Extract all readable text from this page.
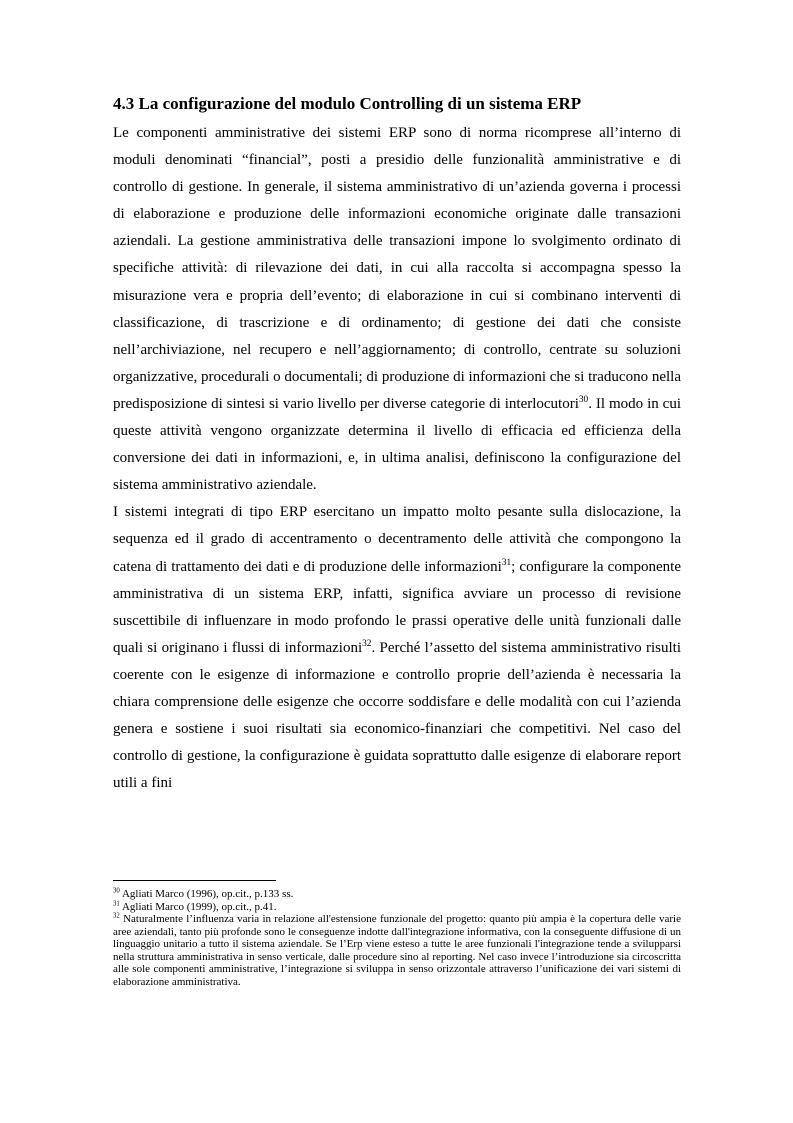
4.3 La configurazione del modulo Controlling di un sistema ERP

Le componenti amministrative dei sistemi ERP sono di norma ricomprese all’interno di moduli denominati “financial”, posti a presidio delle funzionalità amministrative e di controllo di gestione. In generale, il sistema amministrativo di un’azienda governa i processi di elaborazione e produzione delle informazioni economiche originate dalle transazioni aziendali. La gestione amministrativa delle transazioni impone lo svolgimento ordinato di specifiche attività: di rilevazione dei dati, in cui alla raccolta si accompagna spesso la misurazione vera e propria dell’evento; di elaborazione in cui si combinano interventi di classificazione, di trascrizione e di ordinamento; di gestione dei dati che consiste nell’archiviazione, nel recupero e nell’aggiornamento; di controllo, centrate su soluzioni organizzative, procedurali o documentali; di produzione di informazioni che si traducono nella predisposizione di sintesi si vario livello per diverse categorie di interlocutori$^{30}$. Il modo in cui queste attività vengono organizzate determina il livello di efficacia ed efficienza della conversione dei dati in informazioni, e, in ultima analisi, definiscono la configurazione del sistema amministrativo aziendale.

I sistemi integrati di tipo ERP esercitano un impatto molto pesante sulla dislocazione, la sequenza ed il grado di accentramento o decentramento delle attività che compongono la catena di trattamento dei dati e di produzione delle informazioni$^{31}$; configurare la componente amministrativa di un sistema ERP, infatti, significa avviare un processo di revisione suscettibile di influenzare in modo profondo le prassi operative delle unità funzionali dalle quali si originano i flussi di informazioni$^{32}$. Perché l’assetto del sistema amministrativo risulti coerente con le esigenze di informazione e controllo proprie dell’azienda è necessaria la chiara comprensione delle esigenze che occorre soddisfare e delle modalità con cui l’azienda genera e sostiene i suoi risultati sia economico-finanziari che competitivi. Nel caso del controllo di gestione, la configurazione è guidata soprattutto dalle esigenze di elaborare report utili a fini

$^{30}$ Agliati Marco (1996), op.cit., p.133 ss.

$^{31}$ Agliati Marco (1999), op.cit., p.41.

$^{32}$ Naturalmente l’influenza varia in relazione all'estensione funzionale del progetto: quanto più ampia è la copertura delle varie aree aziendali, tanto più profonde sono le conseguenze indotte dall'integrazione informativa, con la conseguente diffusione di un linguaggio unitario a tutto il sistema aziendale. Se l’Erp viene esteso a tutte le aree funzionali l'integrazione tende a svilupparsi nella struttura amministrativa in senso verticale, dalle procedure sino al reporting. Nel caso invece l’introduzione sia circoscritta alle sole componenti amministrative, l’integrazione si sviluppa in senso orizzontale attraverso l’unificazione dei vari sistemi di elaborazione amministrativa.
